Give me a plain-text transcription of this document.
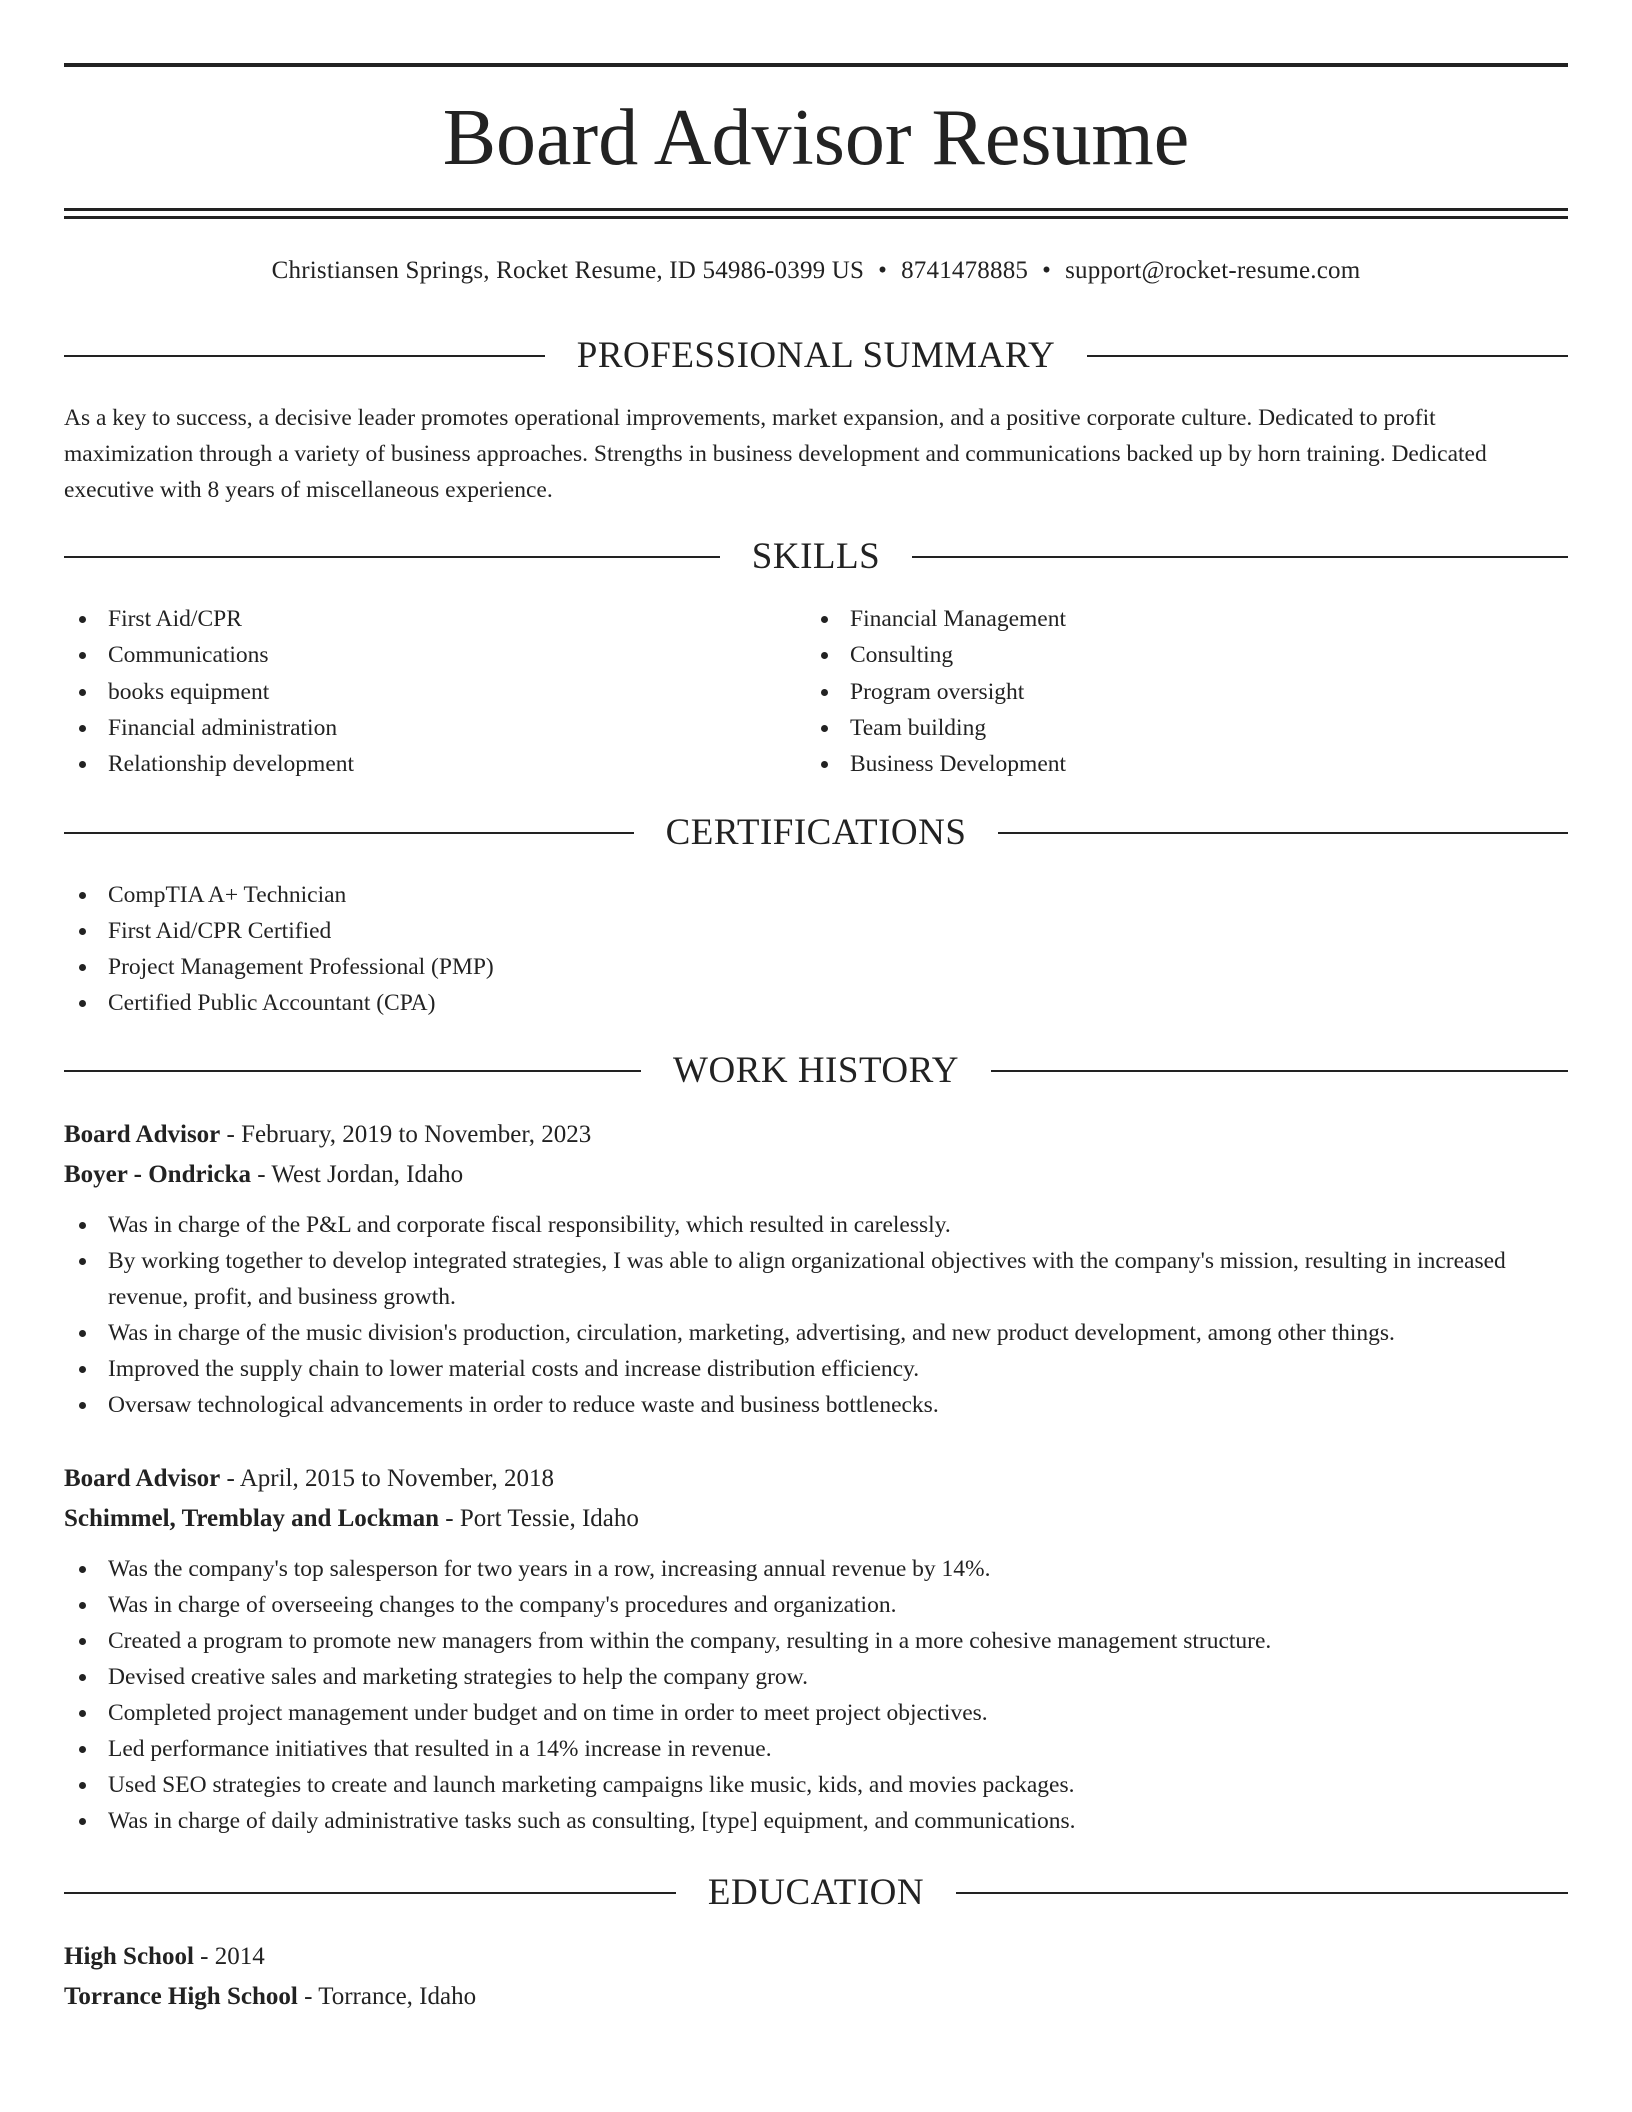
Board Advisor Resume
Christiansen Springs, Rocket Resume, ID 54986-0399 US • 8741478885 • support@rocket-resume.com
PROFESSIONAL SUMMARY

As a key to success, a decisive leader promotes operational improvements, market expansion, and a positive corporate culture. Dedicated to profit maximization through a variety of business approaches. Strengths in business development and communications backed up by horn training. Dedicated executive with 8 years of miscellaneous experience.

SKILLS
First Aid/CPR
Communications
books equipment
Financial administration
Relationship development
Financial Management
Consulting
Program oversight
Team building
Business Development
CERTIFICATIONS
CompTIA A+ Technician
First Aid/CPR Certified
Project Management Professional (PMP)
Certified Public Accountant (CPA)
WORK HISTORY
Board Advisor - February, 2019 to November, 2023
Boyer - Ondricka - West Jordan, Idaho
Was in charge of the P&L and corporate fiscal responsibility, which resulted in carelessly.
By working together to develop integrated strategies, I was able to align organizational objectives with the company's mission, resulting in increased revenue, profit, and business growth.
Was in charge of the music division's production, circulation, marketing, advertising, and new product development, among other things.
Improved the supply chain to lower material costs and increase distribution efficiency.
Oversaw technological advancements in order to reduce waste and business bottlenecks.
Board Advisor - April, 2015 to November, 2018
Schimmel, Tremblay and Lockman - Port Tessie, Idaho
Was the company's top salesperson for two years in a row, increasing annual revenue by 14%.
Was in charge of overseeing changes to the company's procedures and organization.
Created a program to promote new managers from within the company, resulting in a more cohesive management structure.
Devised creative sales and marketing strategies to help the company grow.
Completed project management under budget and on time in order to meet project objectives.
Led performance initiatives that resulted in a 14% increase in revenue.
Used SEO strategies to create and launch marketing campaigns like music, kids, and movies packages.
Was in charge of daily administrative tasks such as consulting, [type] equipment, and communications.
EDUCATION
High School - 2014
Torrance High School - Torrance, Idaho
